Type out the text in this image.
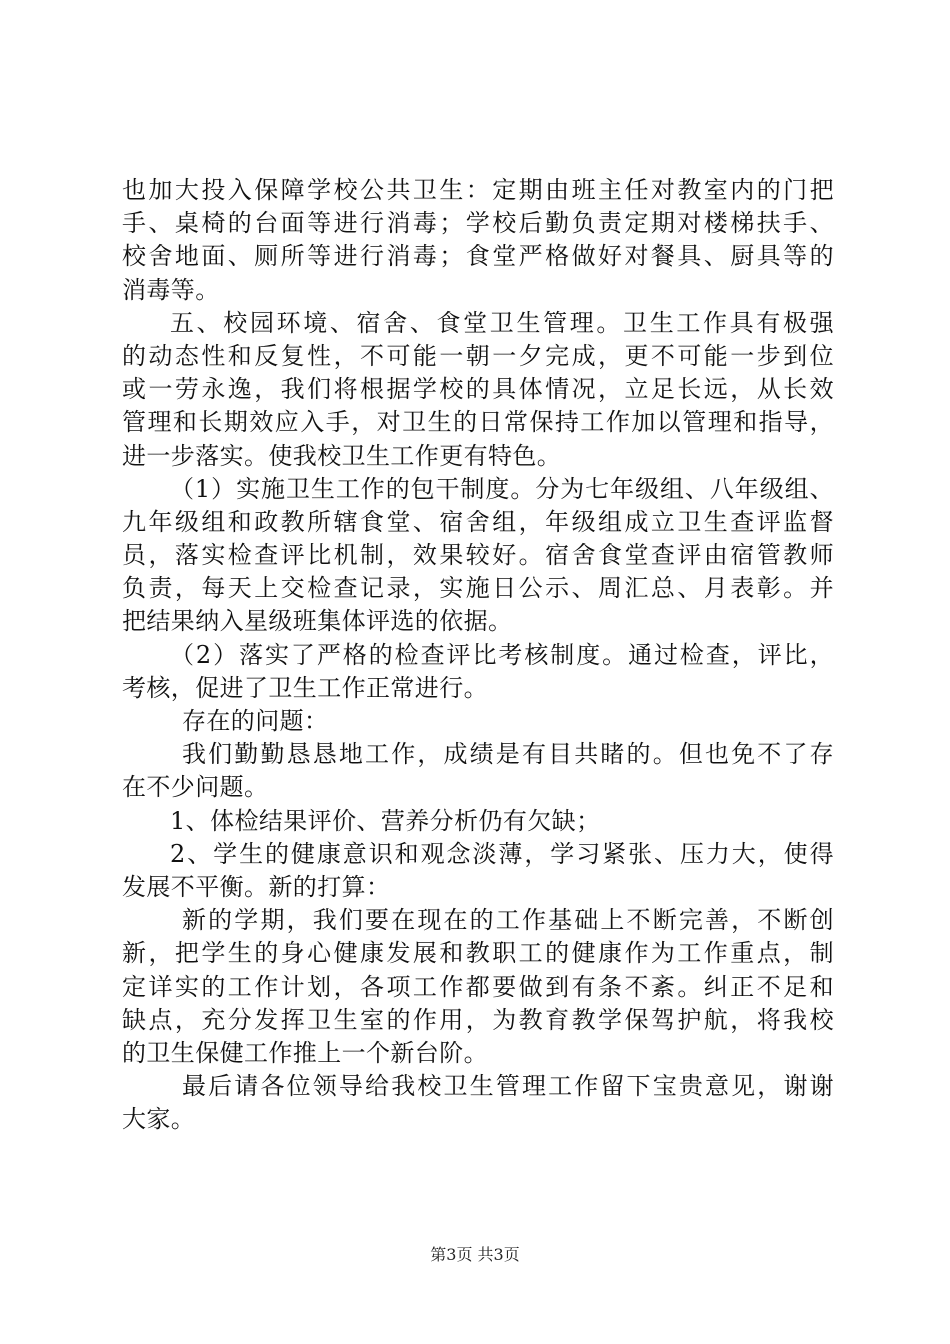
也加大投入保障学校公共卫生：定期由班主任对教室内的门把
手、桌椅的台面等进行消毒；学校后勤负责定期对楼梯扶手、
校舍地面、厕所等进行消毒；食堂严格做好对餐具、厨具等的
消毒等。
五、校园环境、宿舍、食堂卫生管理。卫生工作具有极强
的动态性和反复性，不可能一朝一夕完成，更不可能一步到位
或一劳永逸，我们将根据学校的具体情况，立足长远，从长效
管理和长期效应入手，对卫生的日常保持工作加以管理和指导，
进一步落实。使我校卫生工作更有特色。
（1）实施卫生工作的包干制度。分为七年级组、八年级组、
九年级组和政教所辖食堂、宿舍组，年级组成立卫生查评监督
员，落实检查评比机制，效果较好。宿舍食堂查评由宿管教师
负责，每天上交检查记录，实施日公示、周汇总、月表彰。并
把结果纳入星级班集体评选的依据。
（2）落实了严格的检查评比考核制度。通过检查，评比，
考核，促进了卫生工作正常进行。
存在的问题：
我们勤勤恳恳地工作，成绩是有目共睹的。但也免不了存
在不少问题。
1、体检结果评价、营养分析仍有欠缺；
2、学生的健康意识和观念淡薄，学习紧张、压力大，使得
发展不平衡。新的打算：
新的学期，我们要在现在的工作基础上不断完善，不断创
新，把学生的身心健康发展和教职工的健康作为工作重点，制
定详实的工作计划，各项工作都要做到有条不紊。纠正不足和
缺点，充分发挥卫生室的作用，为教育教学保驾护航，将我校
的卫生保健工作推上一个新台阶。
最后请各位领导给我校卫生管理工作留下宝贵意见，谢谢
大家。
第3页 共3页
